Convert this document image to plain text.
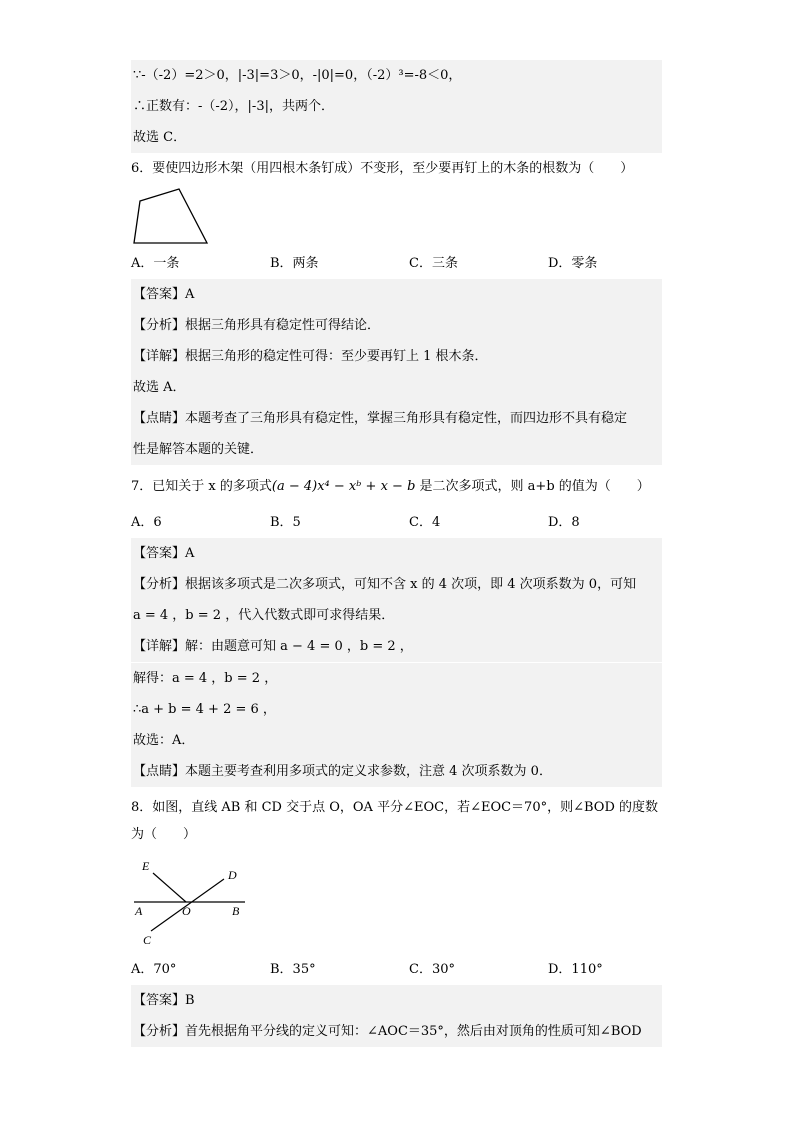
∵-（-2）=2＞0，|-3|=3＞0，-|0|=0，（-2）³=-8＜0，
∴正数有：-（-2），|-3|，共两个．
故选 C．
6．要使四边形木架（用四根木条钉成）不变形，至少要再钉上的木条的根数为（　　）
A．一条	B．两条	C．三条	D．零条
【答案】A
【分析】根据三角形具有稳定性可得结论．
【详解】根据三角形的稳定性可得：至少要再钉上 1 根木条．
故选 A．
【点睛】本题考查了三角形具有稳定性，掌握三角形具有稳定性，而四边形不具有稳定
性是解答本题的关键．
7．已知关于 x 的多项式(a − 4)x⁴ − xᵇ + x − b 是二次多项式，则 a+b 的值为（　　）
A．6	B．5	C．4	D．8
【答案】A
【分析】根据该多项式是二次多项式，可知不含 x 的 4 次项，即 4 次项系数为 0，可知
a = 4 ，b = 2 ，代入代数式即可求得结果．
【详解】解：由题意可知 a − 4 = 0 ，b = 2 ，
解得：a = 4 ，b = 2 ，
∴a + b = 4 + 2 = 6 ，
故选：A．
【点睛】本题主要考查利用多项式的定义求参数，注意 4 次项系数为 0．
8．如图，直线 AB 和 CD 交于点 O，OA 平分∠EOC，若∠EOC＝70°，则∠BOD 的度数
为（　　）
E
D
A	O	B
C
A．70°	B．35°	C．30°	D．110°
【答案】B
【分析】首先根据角平分线的定义可知：∠AOC＝35°，然后由对顶角的性质可知∠BOD
